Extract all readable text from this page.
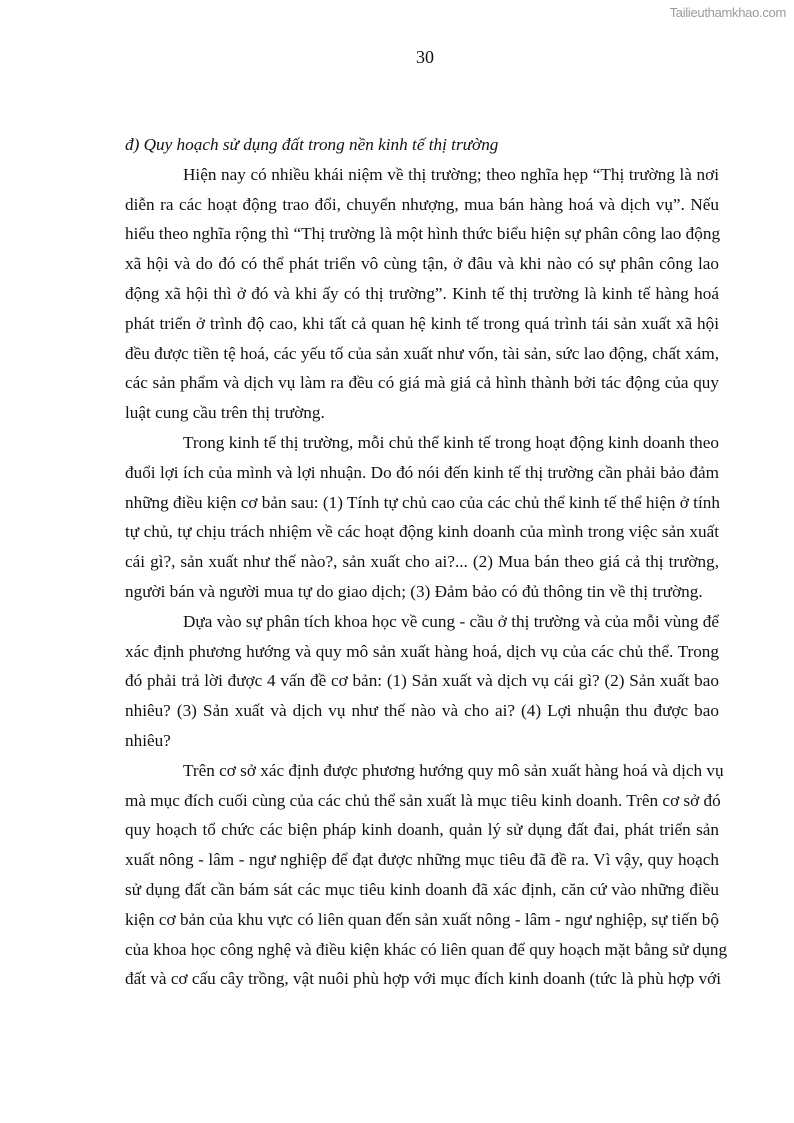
Tailieuthamkhao.com
30
đ) Quy hoạch sử dụng đất trong nền kinh tế thị trường
Hiện nay có nhiều khái niệm về thị trường; theo nghĩa hẹp “Thị trường là nơi
diễn ra các hoạt động trao đổi, chuyển nhượng, mua bán hàng hoá và dịch vụ”. Nếu
hiểu theo nghĩa rộng thì “Thị trường là một hình thức biểu hiện sự phân công lao động
xã hội và do đó có thể phát triển vô cùng tận, ở đâu và khi nào có sự phân công lao
động xã hội thì ở đó và khi ấy có thị trường”. Kinh tế thị trường là kinh tế hàng hoá
phát triển ở trình độ cao, khi tất cả quan hệ kinh tế trong quá trình tái sản xuất xã hội
đều được tiền tệ hoá, các yếu tố của sản xuất như vốn, tài sản, sức lao động, chất xám,
các sản phẩm và dịch vụ làm ra đều có giá mà giá cả hình thành bởi tác động của quy
luật cung cầu trên thị trường.
Trong kinh tế thị trường, mỗi chủ thể kinh tế trong hoạt động kinh doanh theo
đuổi lợi ích của mình và lợi nhuận. Do đó nói đến kinh tế thị trường cần phải bảo đảm
những điều kiện cơ bản sau: (1) Tính tự chủ cao của các chủ thể kinh tế thể hiện ở tính
tự chủ, tự chịu trách nhiệm về các hoạt động kinh doanh của mình trong việc sản xuất
cái gì?, sản xuất như thế nào?, sản xuất cho ai?... (2) Mua bán theo giá cả thị trường,
người bán và người mua tự do giao dịch; (3) Đảm bảo có đủ thông tin về thị trường.
Dựa vào sự phân tích khoa học về cung - cầu ở thị trường và của mỗi vùng để
xác định phương hướng và quy mô sản xuất hàng hoá, dịch vụ của các chủ thể. Trong
đó phải trả lời được 4 vấn đề cơ bản: (1) Sản xuất và dịch vụ cái gì? (2) Sản xuất bao
nhiêu? (3) Sản xuất và dịch vụ như thế nào và cho ai? (4) Lợi nhuận thu được bao
nhiêu?
Trên cơ sở xác định được phương hướng quy mô sản xuất hàng hoá và dịch vụ
mà mục đích cuối cùng của các chủ thể sản xuất là mục tiêu kinh doanh. Trên cơ sở đó
quy hoạch tổ chức các biện pháp kinh doanh, quản lý sử dụng đất đai, phát triển sản
xuất nông - lâm - ngư nghiệp để đạt được những mục tiêu đã đề ra. Vì vậy, quy hoạch
sử dụng đất cần bám sát các mục tiêu kinh doanh đã xác định, căn cứ vào những điều
kiện cơ bản của khu vực có liên quan đến sản xuất nông - lâm - ngư nghiệp, sự tiến bộ
của khoa học công nghệ và điều kiện khác có liên quan để quy hoạch mặt bằng sử dụng
đất và cơ cấu cây trồng, vật nuôi phù hợp với mục đích kinh doanh (tức là phù hợp với
